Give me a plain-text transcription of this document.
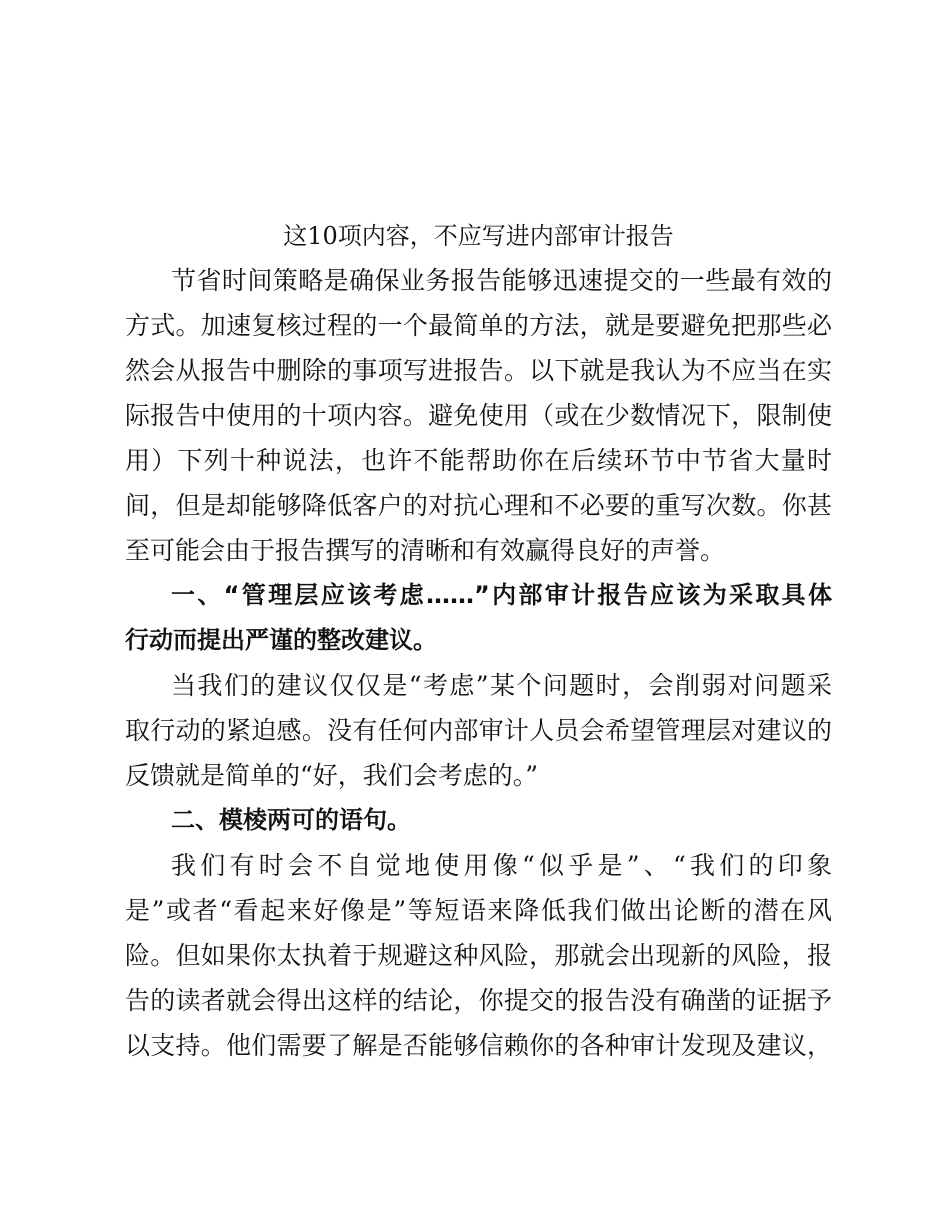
这10项内容，不应写进内部审计报告
节省时间策略是确保业务报告能够迅速提交的一些最有效的
方式。加速复核过程的一个最简单的方法，就是要避免把那些必
然会从报告中删除的事项写进报告。以下就是我认为不应当在实
际报告中使用的十项内容。避免使用（或在少数情况下，限制使
用）下列十种说法，也许不能帮助你在后续环节中节省大量时
间，但是却能够降低客户的对抗心理和不必要的重写次数。你甚
至可能会由于报告撰写的清晰和有效赢得良好的声誉。
一、“管理层应该考虑……”内部审计报告应该为采取具体
行动而提出严谨的整改建议。
当我们的建议仅仅是“考虑”某个问题时，会削弱对问题采
取行动的紧迫感。没有任何内部审计人员会希望管理层对建议的
反馈就是简单的“好，我们会考虑的。”
二、模棱两可的语句。
我们有时会不自觉地使用像“似乎是”、“我们的印象
是”或者“看起来好像是”等短语来降低我们做出论断的潜在风
险。但如果你太执着于规避这种风险，那就会出现新的风险，报
告的读者就会得出这样的结论，你提交的报告没有确凿的证据予
以支持。他们需要了解是否能够信赖你的各种审计发现及建议，
